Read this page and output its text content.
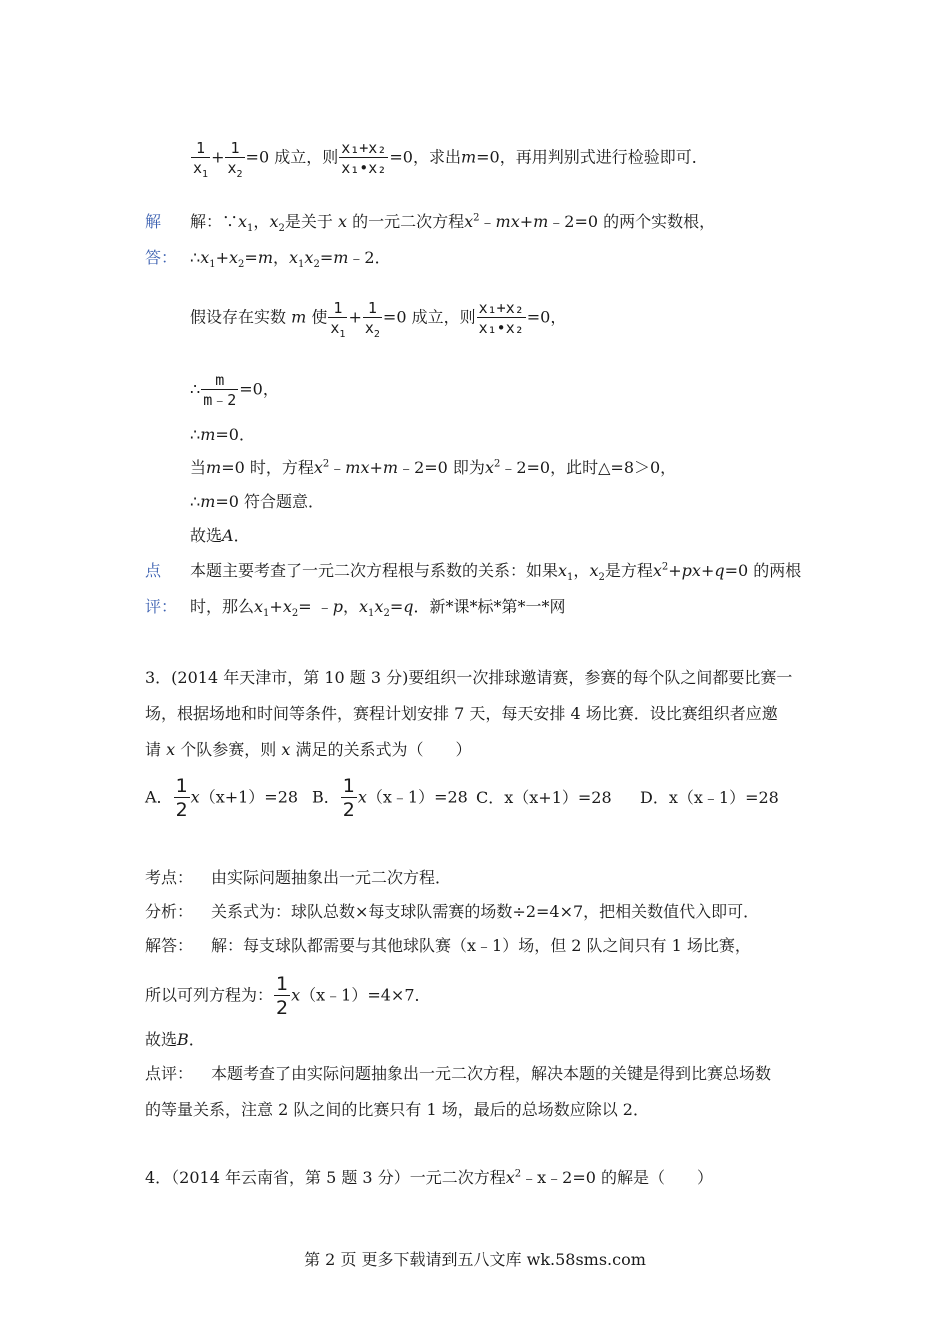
$\frac{1}{x_1} + \frac{1}{x_2} =0$ 成立，则 $\frac{\text{x₁+x₂}}{\text{x₁•x₂}} =0$，求出m=0，再用判别式进行检验即可．
解
答：
解：$\because x_1$，$x_2$是关于 x 的一元二次方程$x^2﹣mx+m﹣2=0$ 的两个实数根，
$\therefore x_1+x_2=m$，$x_1x_2=m﹣2$．
假设存在实数 m 使 $\frac{1}{x_1} + \frac{1}{x_2} =0$ 成立，则 $\frac{\text{x₁+x₂}}{\text{x₁•x₂}} =0$，
∴ $\frac{m}{m﹣2} =0$，
∴m=0．
当m=0 时，方程$x^2﹣mx+m﹣2=0$ 即为$x^2﹣2=0$，此时△=8＞0，
∴m=0 符合题意．
故选A．
点
评：
本题主要考查了一元二次方程根与系数的关系：如果$x_1$，$x_2$是方程$x^2+px+q=0$ 的两根
时，那么$x_1+x_2=$ ﹣p，$x_1x_2=q$．新*课*标*第*一*网
3．(2014 年天津市，第 10 题 3 分)要组织一次排球邀请赛，参赛的每个队之间都要比赛一
场，根据场地和时间等条件，赛程计划安排 7 天，每天安排 4 场比赛．设比赛组织者应邀
请 x 个队参赛，则 x 满足的关系式为（　　）
A． $\frac{1}{2} x(x+1)=28$ B． $\frac{1}{2}$ x（x﹣1）=28 C．x（x+1）=28 D．x（x﹣1）=28
考点： 由实际问题抽象出一元二次方程．
分析： 关系式为：球队总数×每支球队需赛的场数÷2=4×7，把相关数值代入即可．
解答： 解：每支球队都需要与其他球队赛（x﹣1）场，但 2 队之间只有 1 场比赛，
所以可列方程为： $\frac{1}{2}$ x（x﹣1）=4×7．
故选B．
点评： 本题考查了由实际问题抽象出一元二次方程，解决本题的关键是得到比赛总场数
的等量关系，注意 2 队之间的比赛只有 1 场，最后的总场数应除以 2．
4．（2014 年云南省，第 5 题 3 分）一元二次方程$x^2﹣x﹣2=0$ 的解是（　　）
第 2 页 更多下载请到五八文库 wk.58sms.com
